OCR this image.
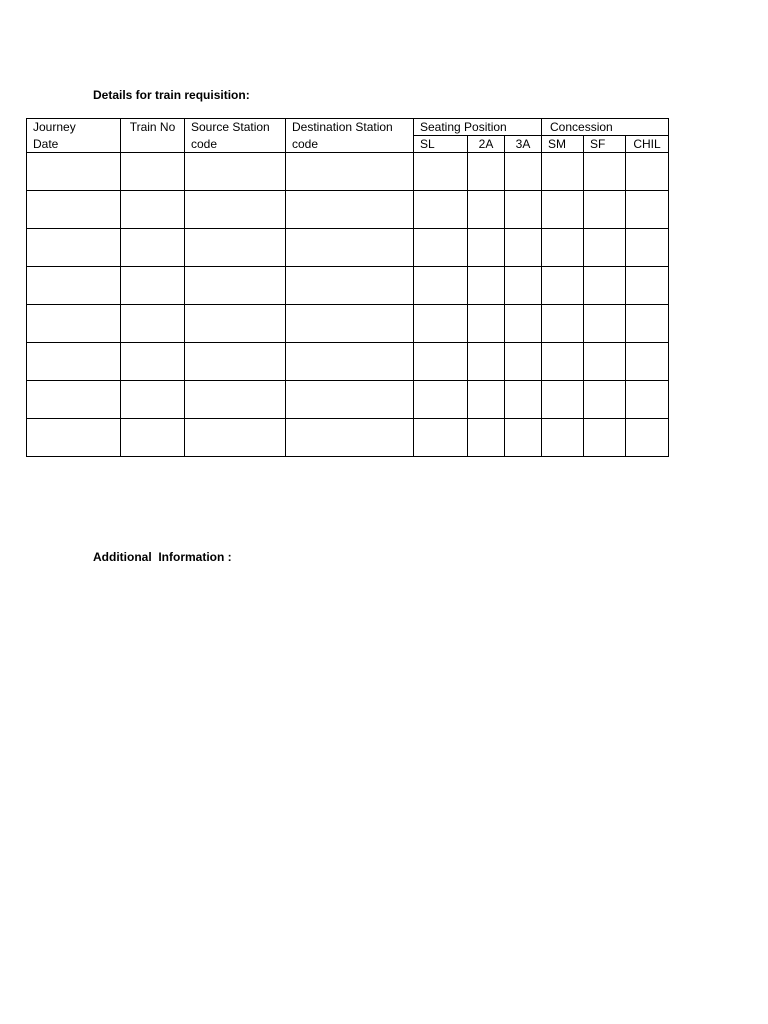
Details for train requisition:
Journey	Train No	Source Station	Destination Station	Seating Position			Concession		
Date		code	code	SL	2A	3A	SM	SF	CHIL

Additional  Information :
